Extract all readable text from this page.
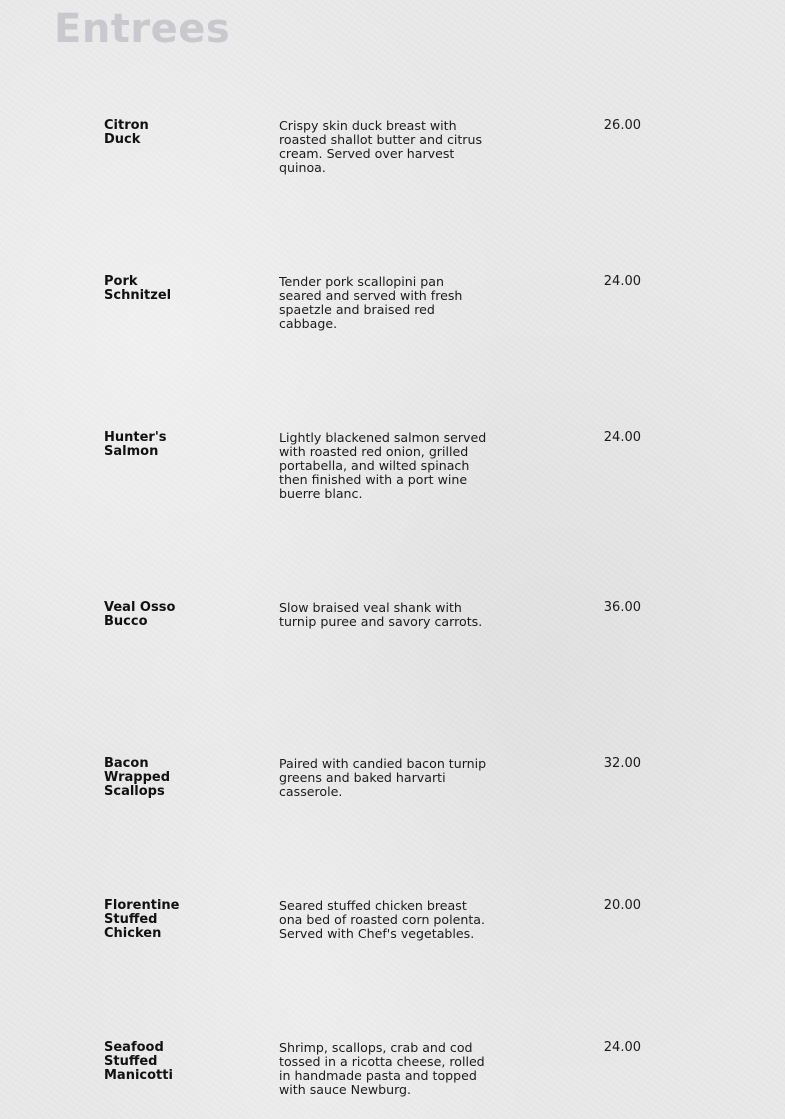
Entrees

Citron
Duck

Crispy skin duck breast with
roasted shallot butter and citrus
cream. Served over harvest
quinoa.

26.00

Pork
Schnitzel

Tender pork scallopini pan
seared and served with fresh
spaetzle and braised red
cabbage.

24.00

Hunter's
Salmon

Lightly blackened salmon served
with roasted red onion, grilled
portabella, and wilted spinach
then finished with a port wine
buerre blanc.

24.00

Veal Osso
Bucco

Slow braised veal shank with
turnip puree and savory carrots.

36.00

Bacon
Wrapped
Scallops

Paired with candied bacon turnip
greens and baked harvarti
casserole.

32.00

Florentine
Stuffed
Chicken

Seared stuffed chicken breast
ona bed of roasted corn polenta.
Served with Chef's vegetables.

20.00

Seafood
Stuffed
Manicotti

Shrimp, scallops, crab and cod
tossed in a ricotta cheese, rolled
in handmade pasta and topped
with sauce Newburg.

24.00
